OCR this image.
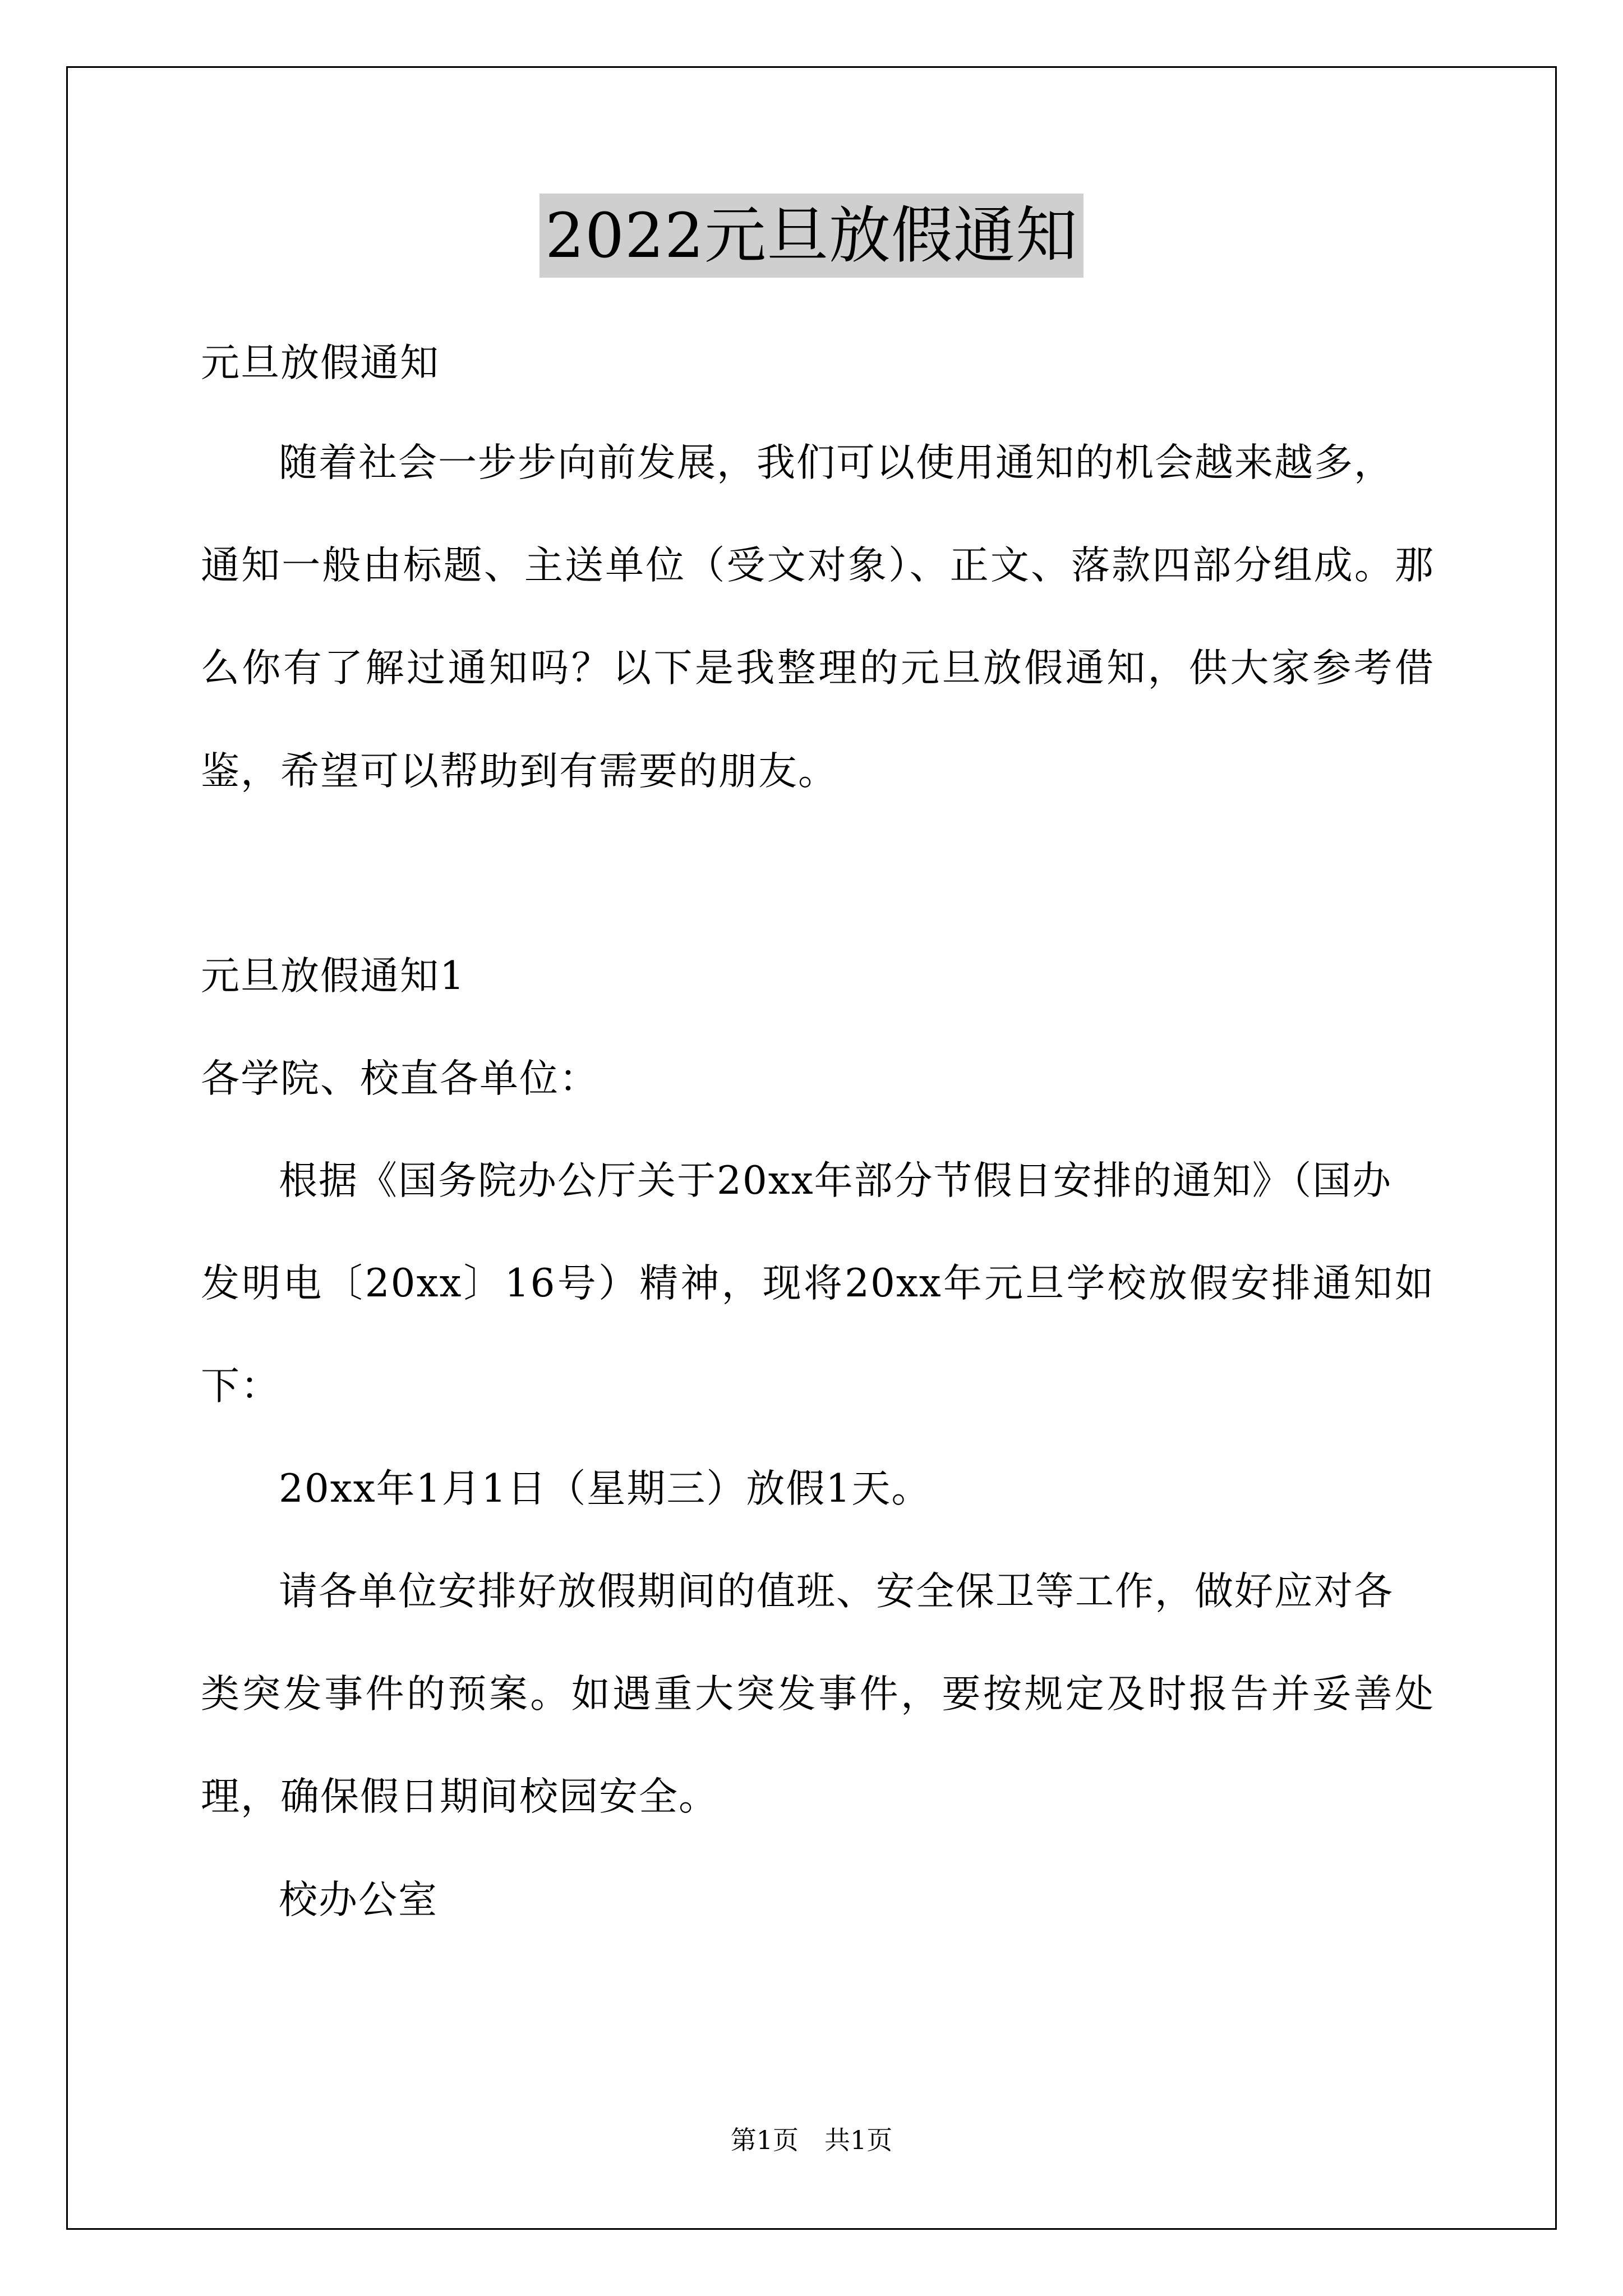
2022元旦放假通知
元旦放假通知
随着社会一步步向前发展，我们可以使用通知的机会越来越多，
通知一般由标题、主送单位（受文对象）、正文、落款四部分组成。那
么你有了解过通知吗？以下是我整理的元旦放假通知，供大家参考借
鉴，希望可以帮助到有需要的朋友。
元旦放假通知1
各学院、校直各单位：
根据《国务院办公厅关于20xx年部分节假日安排的通知》（国办
发明电〔20xx〕16号）精神，现将20xx年元旦学校放假安排通知如
下：
20xx年1月1日（星期三）放假1天。
请各单位安排好放假期间的值班、安全保卫等工作，做好应对各
类突发事件的预案。如遇重大突发事件，要按规定及时报告并妥善处
理，确保假日期间校园安全。
校办公室
第1页 共1页
